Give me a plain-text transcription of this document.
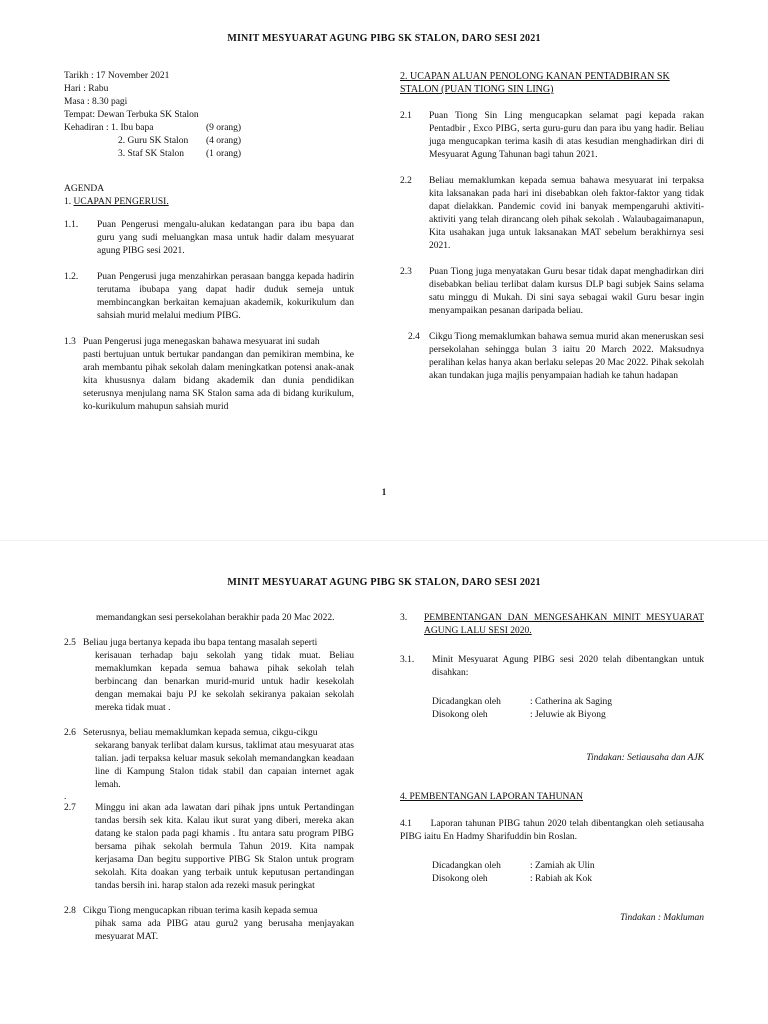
MINIT MESYUARAT AGUNG PIBG SK STALON, DARO SESI 2021
Tarikh : 17 November 2021
Hari : Rabu
Masa : 8.30 pagi
Tempat: Dewan Terbuka SK Stalon
Kehadiran : 1. Ibu bapa	(9 orang)
2. Guru SK Stalon (4 orang)
3. Staf SK Stalon (1 orang)
AGENDA
1. UCAPAN PENGERUSI.
1.1. Puan Pengerusi mengalu-alukan kedatangan para ibu bapa dan guru yang sudi meluangkan masa untuk hadir dalam mesyuarat agung PIBG sesi 2021.
1.2. Puan Pengerusi juga menzahirkan perasaan bangga kepada hadirin terutama ibubapa yang dapat hadir duduk semeja untuk membincangkan berkaitan kemajuan akademik, kokurikulum dan sahsiah murid melalui medium PIBG.
1.3 Puan Pengerusi juga menegaskan bahawa mesyuarat ini sudah
pasti bertujuan untuk bertukar pandangan dan pemikiran membina, ke arah membantu pihak sekolah dalam meningkatkan potensi anak-anak kita khususnya dalam bidang akademik dan dunia pendidikan seterusnya menjulang nama SK Stalon sama ada di bidang kurikulum, ko-kurikulum mahupun sahsiah murid
2. UCAPAN ALUAN PENOLONG KANAN PENTADBIRAN SK STALON (PUAN TIONG SIN LING)
2.1 Puan Tiong Sin Ling mengucapkan selamat pagi kepada rakan Pentadbir , Exco PIBG, serta guru-guru dan para ibu yang hadir. Beliau juga mengucapkan terima kasih di atas kesudian menghadirkan diri di Mesyuarat Agung Tahunan bagi tahun 2021.
2.2 Beliau memaklumkan kepada semua bahawa mesyuarat ini terpaksa kita laksanakan pada hari ini disebabkan oleh faktor-faktor yang tidak dapat dielakkan. Pandemic covid ini banyak mempengaruhi aktiviti- aktiviti yang telah dirancang oleh pihak sekolah . Walaubagaimanapun, Kita usahakan juga untuk laksanakan MAT sebelum berakhirnya sesi 2021.
2.3 Puan Tiong juga menyatakan Guru besar tidak dapat menghadirkan diri disebabkan beliau terlibat dalam kursus DLP bagi subjek Sains selama satu minggu di Mukah. Di sini saya sebagai wakil Guru besar ingin menyampaikan pesanan daripada beliau.
2.4 Cikgu Tiong memaklumkan bahawa semua murid akan meneruskan sesi persekolahan sehingga bulan 3 iaitu 20 March 2022. Maksudnya peralihan kelas hanya akan berlaku selepas 20 Mac 2022. Pihak sekolah akan tundakan juga majlis penyampaian hadiah ke tahun hadapan
1
MINIT MESYUARAT AGUNG PIBG SK STALON, DARO SESI 2021
memandangkan sesi persekolahan berakhir pada 20 Mac 2022.
2.5 Beliau juga bertanya kepada ibu bapa tentang masalah seperti
kerisauan terhadap baju sekolah yang tidak muat. Beliau memaklumkan kepada semua bahawa pihak sekolah telah berbincang dan benarkan murid-murid untuk hadir kesekolah dengan memakai baju PJ ke sekolah sekiranya pakaian sekolah mereka tidak muat .
2.6 Seterusnya, beliau memaklumkan kepada semua, cikgu-cikgu
sekarang banyak terlibat dalam kursus, taklimat atau mesyuarat atas talian. jadi terpaksa keluar masuk sekolah memandangkan keadaan line di Kampung Stalon tidak stabil dan capaian internet agak lemah.
.
2.7 Minggu ini akan ada lawatan dari pihak jpns untuk Pertandingan tandas bersih sek kita. Kalau ikut surat yang diberi, mereka akan datang ke stalon pada pagi khamis . Itu antara satu program PIBG bersama pihak sekolah bermula Tahun 2019. Kita nampak kerjasama Dan begitu supportive PIBG Sk Stalon untuk program sekolah. Kita doakan yang terbaik untuk keputusan pertandingan tandas bersih ini. harap stalon ada rezeki masuk peringkat
2.8 Cikgu Tiong mengucapkan ribuan terima kasih kepada semua
pihak sama ada PIBG atau guru2 yang berusaha menjayakan mesyuarat MAT.
3.	PEMBENTANGAN DAN MENGESAHKAN MINIT MESYUARAT AGUNG LALU SESI 2020.
3.1. Minit Mesyuarat Agung PIBG sesi 2020 telah dibentangkan untuk disahkan:
Dicadangkan oleh	: Catherina ak Saging
Disokong oleh	: Jeluwie ak Biyong
Tindakan: Setiausaha dan AJK
4. PEMBENTANGAN LAPORAN TAHUNAN
4.1 Laporan tahunan PIBG tahun 2020 telah dibentangkan oleh setiausaha PIBG iaitu En Hadmy Sharifuddin bin Roslan.
Dicadangkan oleh	: Zamiah ak Ulin
Disokong oleh	: Rabiah ak Kok
Tindakan : Makluman
